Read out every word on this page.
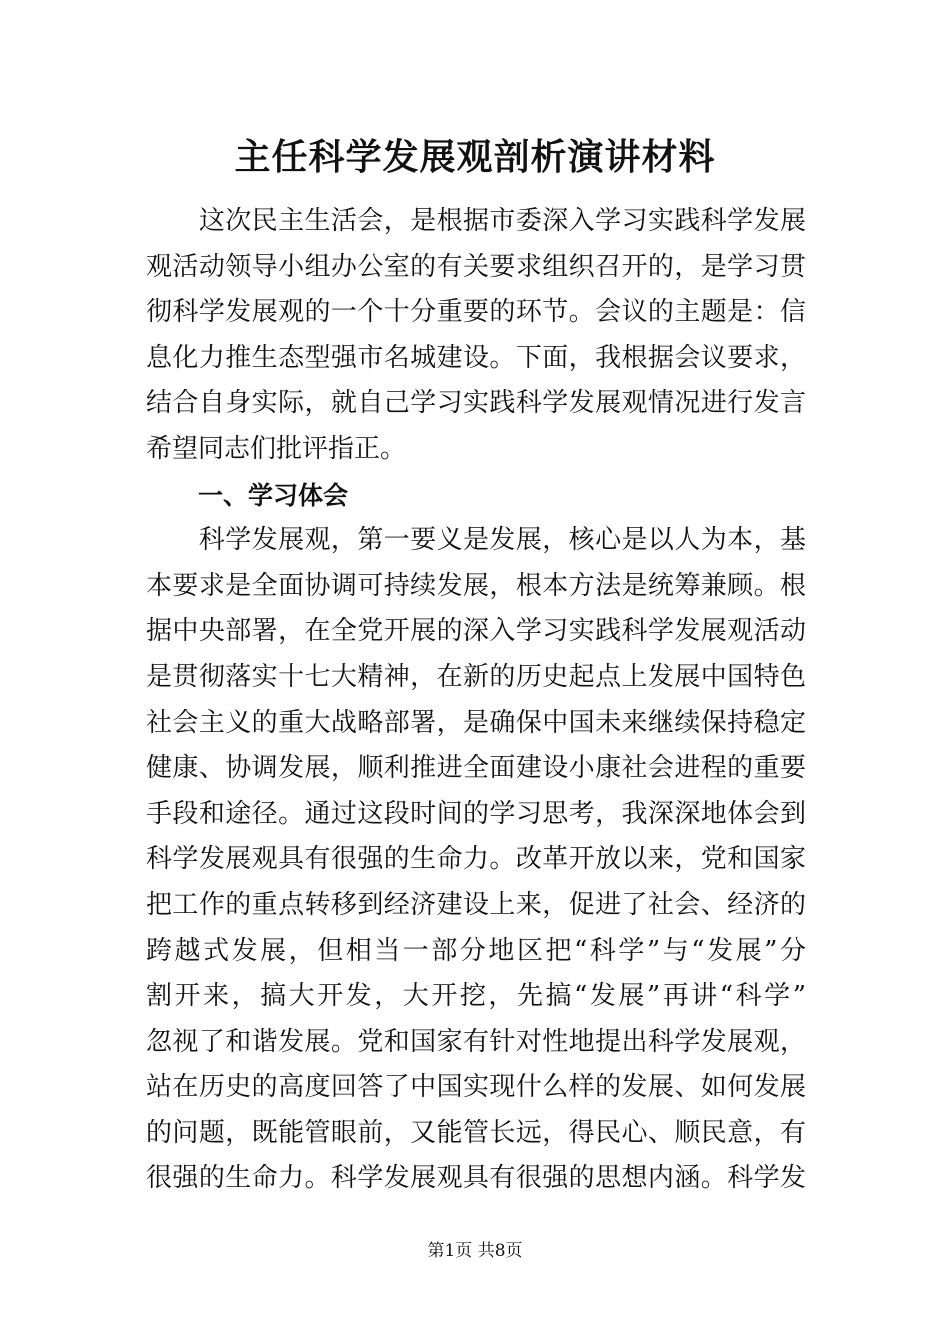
主任科学发展观剖析演讲材料
　　这次民主生活会，是根据市委深入学习实践科学发展
观活动领导小组办公室的有关要求组织召开的，是学习贯
彻科学发展观的一个十分重要的环节。会议的主题是：信
息化力推生态型强市名城建设。下面，我根据会议要求，
结合自身实际，就自己学习实践科学发展观情况进行发言
希望同志们批评指正。
一、学习体会
　　科学发展观，第一要义是发展，核心是以人为本，基
本要求是全面协调可持续发展，根本方法是统筹兼顾。根
据中央部署，在全党开展的深入学习实践科学发展观活动
是贯彻落实十七大精神，在新的历史起点上发展中国特色
社会主义的重大战略部署，是确保中国未来继续保持稳定
健康、协调发展，顺利推进全面建设小康社会进程的重要
手段和途径。通过这段时间的学习思考，我深深地体会到
科学发展观具有很强的生命力。改革开放以来，党和国家
把工作的重点转移到经济建设上来，促进了社会、经济的
跨越式发展，但相当一部分地区把“科学”与“发展”分
割开来，搞大开发，大开挖，先搞“发展”再讲“科学”
忽视了和谐发展。党和国家有针对性地提出科学发展观，
站在历史的高度回答了中国实现什么样的发展、如何发展
的问题，既能管眼前，又能管长远，得民心、顺民意，有
很强的生命力。科学发展观具有很强的思想内涵。科学发
第1页 共8页
